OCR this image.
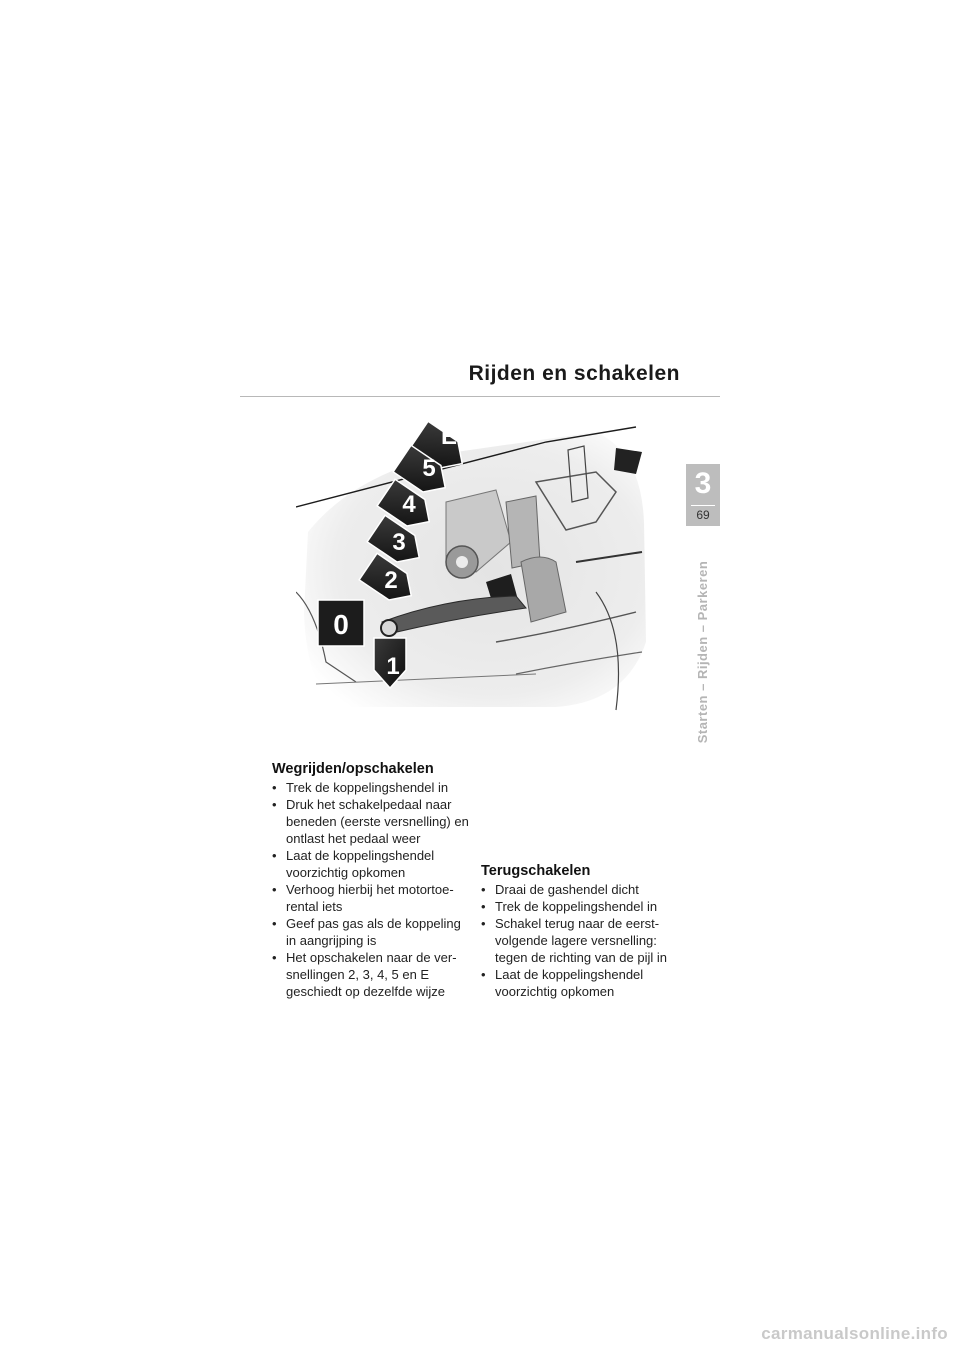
Rijden en schakelen
3
69
Starten – Rijden – Parkeren
E
5
4
3
2
0
1
Wegrijden/opschakelen
• Trek de koppelingshendel in
• Druk het schakelpedaal naar beneden (eerste versnelling) en ontlast het pedaal weer
• Laat de koppelingshendel voorzichtig opkomen
• Verhoog hierbij het motortoe-rental iets
• Geef pas gas als de koppeling in aangrijping is
• Het opschakelen naar de ver-snellingen 2, 3, 4, 5 en E geschiedt op dezelfde wijze
Terugschakelen
• Draai de gashendel dicht
• Trek de koppelingshendel in
• Schakel terug naar de eerst-volgende lagere versnelling: tegen de richting van de pijl in
• Laat de koppelingshendel voorzichtig opkomen
carmanualsonline.info
